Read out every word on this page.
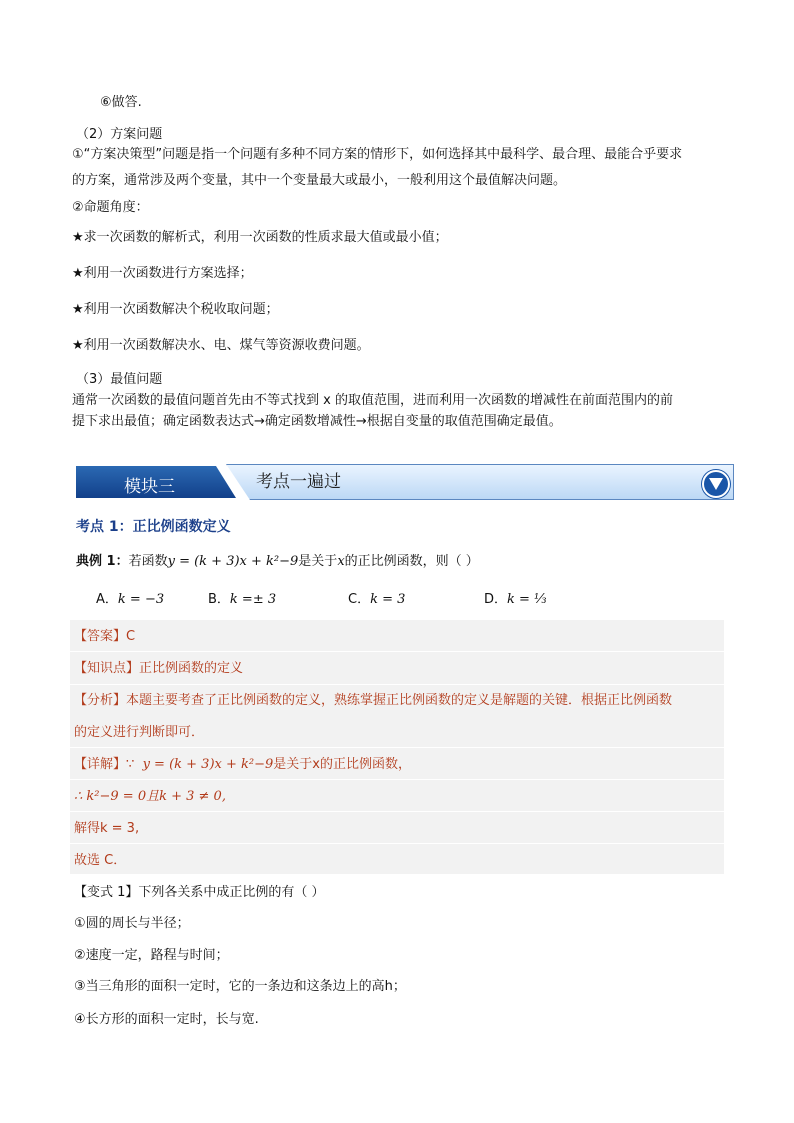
⑥做答.
（2）方案问题
①“方案决策型”问题是指一个问题有多种不同方案的情形下，如何选择其中最科学、最合理、最能合乎要求
的方案，通常涉及两个变量，其中一个变量最大或最小，一般利用这个最值解决问题。
②命题角度：
★求一次函数的解析式，利用一次函数的性质求最大值或最小值；
★利用一次函数进行方案选择；
★利用一次函数解决个税收取问题；
★利用一次函数解决水、电、煤气等资源收费问题。
（3）最值问题
通常一次函数的最值问题首先由不等式找到 x 的取值范围，进而利用一次函数的增减性在前面范围内的前
提下求出最值；确定函数表达式→确定函数增减性→根据自变量的取值范围确定最值。
模块三	考点一遍过
考点 1：正比例函数定义
典例 1：若函数y = (k + 3)x + k²−9是关于x的正比例函数，则（ ）
A．k = −3	B．k =± 3	C．k = 3	D．k = ⅓
【答案】C
【知识点】正比例函数的定义
【分析】本题主要考查了正比例函数的定义，熟练掌握正比例函数的定义是解题的关键．根据正比例函数
的定义进行判断即可．
【详解】∵ y = (k + 3)x + k²−9是关于x的正比例函数，
∴ k²−9 = 0且k + 3 ≠ 0,
解得k = 3,
故选 C．
【变式 1】下列各关系中成正比例的有（ ）
①圆的周长与半径；
②速度一定，路程与时间；
③当三角形的面积一定时，它的一条边和这条边上的高h；
④长方形的面积一定时，长与宽.
